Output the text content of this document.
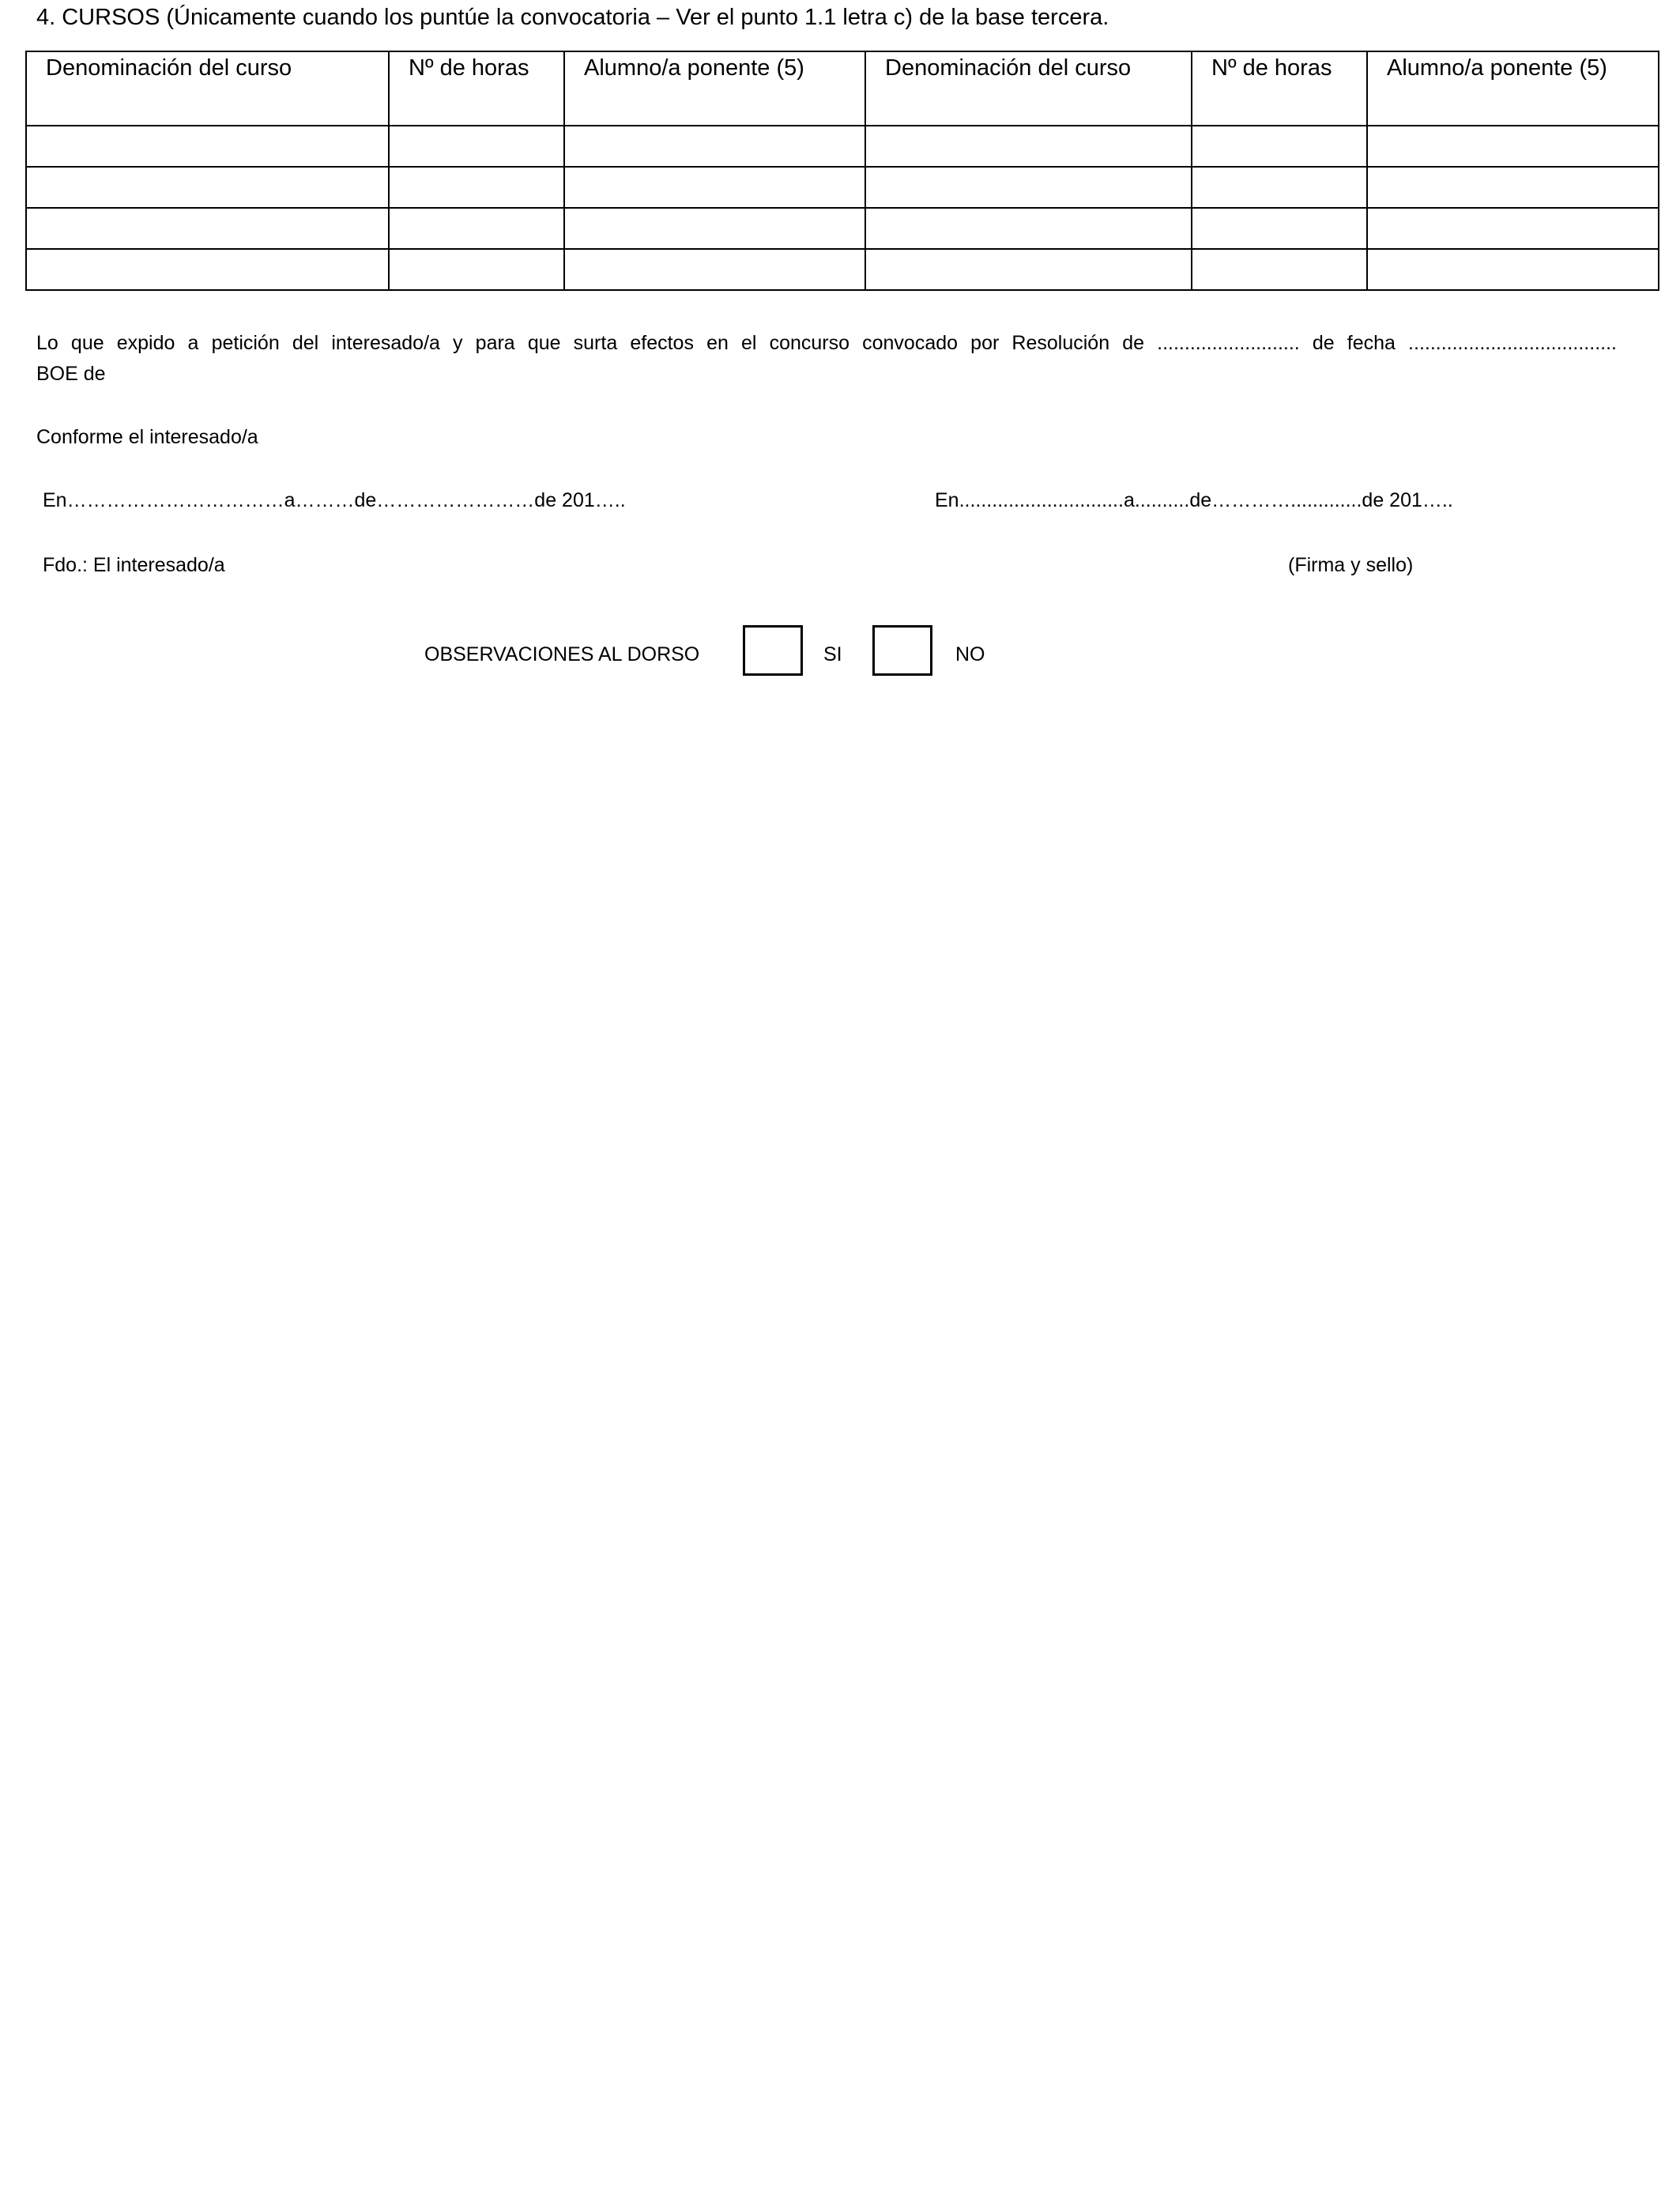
4. CURSOS (Únicamente cuando los puntúe la convocatoria – Ver el punto 1.1 letra c) de la base tercera.
Denominación del curso	Nº de horas	Alumno/a ponente (5)	Denominación del curso	Nº de horas	Alumno/a ponente (5)

Lo que expido a petición del interesado/a y para que surta efectos en el concurso convocado por Resolución de .......................... de fecha ......................................
BOE de
Conforme el interesado/a
En……………………………a………de……………………de 201…..	En..............................a..........de………….............de 201…..
Fdo.: El interesado/a	(Firma y sello)
OBSERVACIONES AL DORSO	SI	NO
